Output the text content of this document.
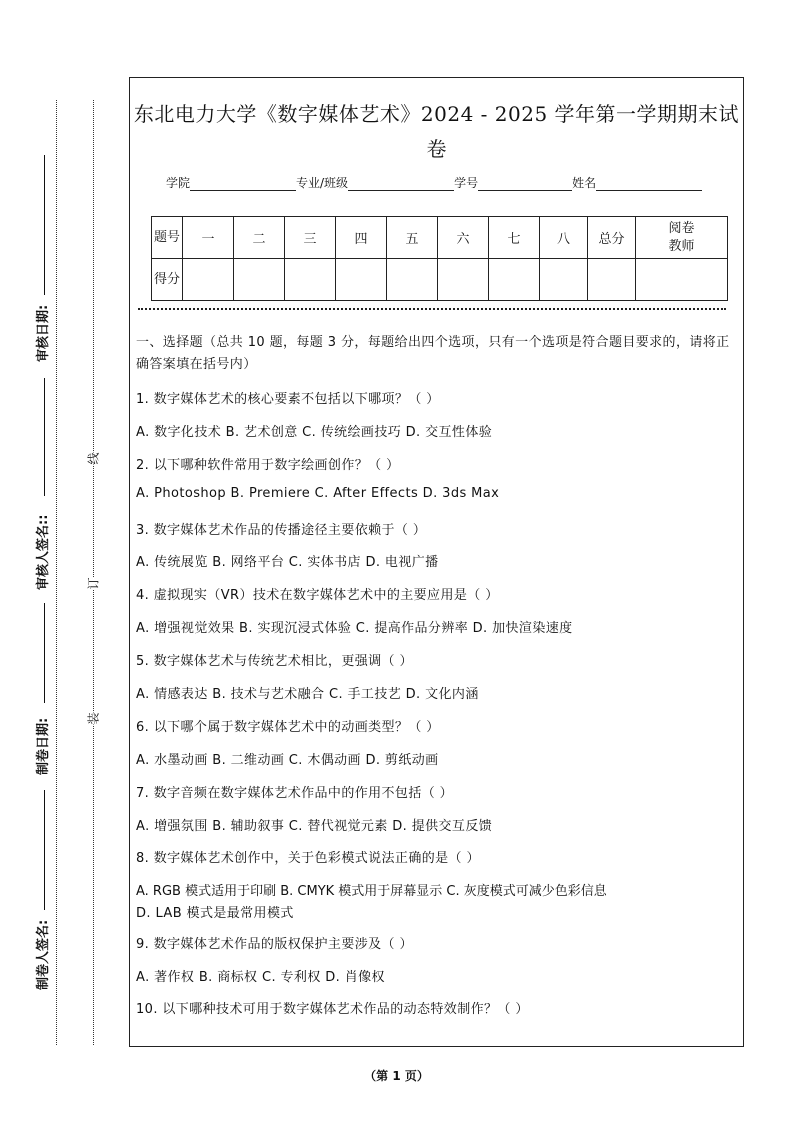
审核日期:
审核人签名::
制卷日期:
制卷人签名:
线
订
装
东北电力大学《数字媒体艺术》2024 - 2025 学年第一学期期末试
卷
学院	专业/班级	学号	姓名
题号	一	二	三	四	五	六	七	八	总分	阅卷教师
得分										
一、选择题（总共 10 题，每题 3 分，每题给出四个选项，只有一个选项是符合题目要求的，请将正确答案填在括号内）
1. 数字媒体艺术的核心要素不包括以下哪项？（ ）
A. 数字化技术 B. 艺术创意 C. 传统绘画技巧 D. 交互性体验
2. 以下哪种软件常用于数字绘画创作？（ ）
A. Photoshop B. Premiere C. After Effects D. 3ds Max
3. 数字媒体艺术作品的传播途径主要依赖于（ ）
A. 传统展览 B. 网络平台 C. 实体书店 D. 电视广播
4. 虚拟现实（VR）技术在数字媒体艺术中的主要应用是（ ）
A. 增强视觉效果 B. 实现沉浸式体验 C. 提高作品分辨率 D. 加快渲染速度
5. 数字媒体艺术与传统艺术相比，更强调（ ）
A. 情感表达 B. 技术与艺术融合 C. 手工技艺 D. 文化内涵
6. 以下哪个属于数字媒体艺术中的动画类型？（ ）
A. 水墨动画 B. 二维动画 C. 木偶动画 D. 剪纸动画
7. 数字音频在数字媒体艺术作品中的作用不包括（ ）
A. 增强氛围 B. 辅助叙事 C. 替代视觉元素 D. 提供交互反馈
8. 数字媒体艺术创作中，关于色彩模式说法正确的是（ ）
A. RGB 模式适用于印刷 B. CMYK 模式用于屏幕显示 C. 灰度模式可减少色彩信息
D. LAB 模式是最常用模式
9. 数字媒体艺术作品的版权保护主要涉及（ ）
A. 著作权 B. 商标权 C. 专利权 D. 肖像权
10. 以下哪种技术可用于数字媒体艺术作品的动态特效制作？（ ）
（第 1 页）
